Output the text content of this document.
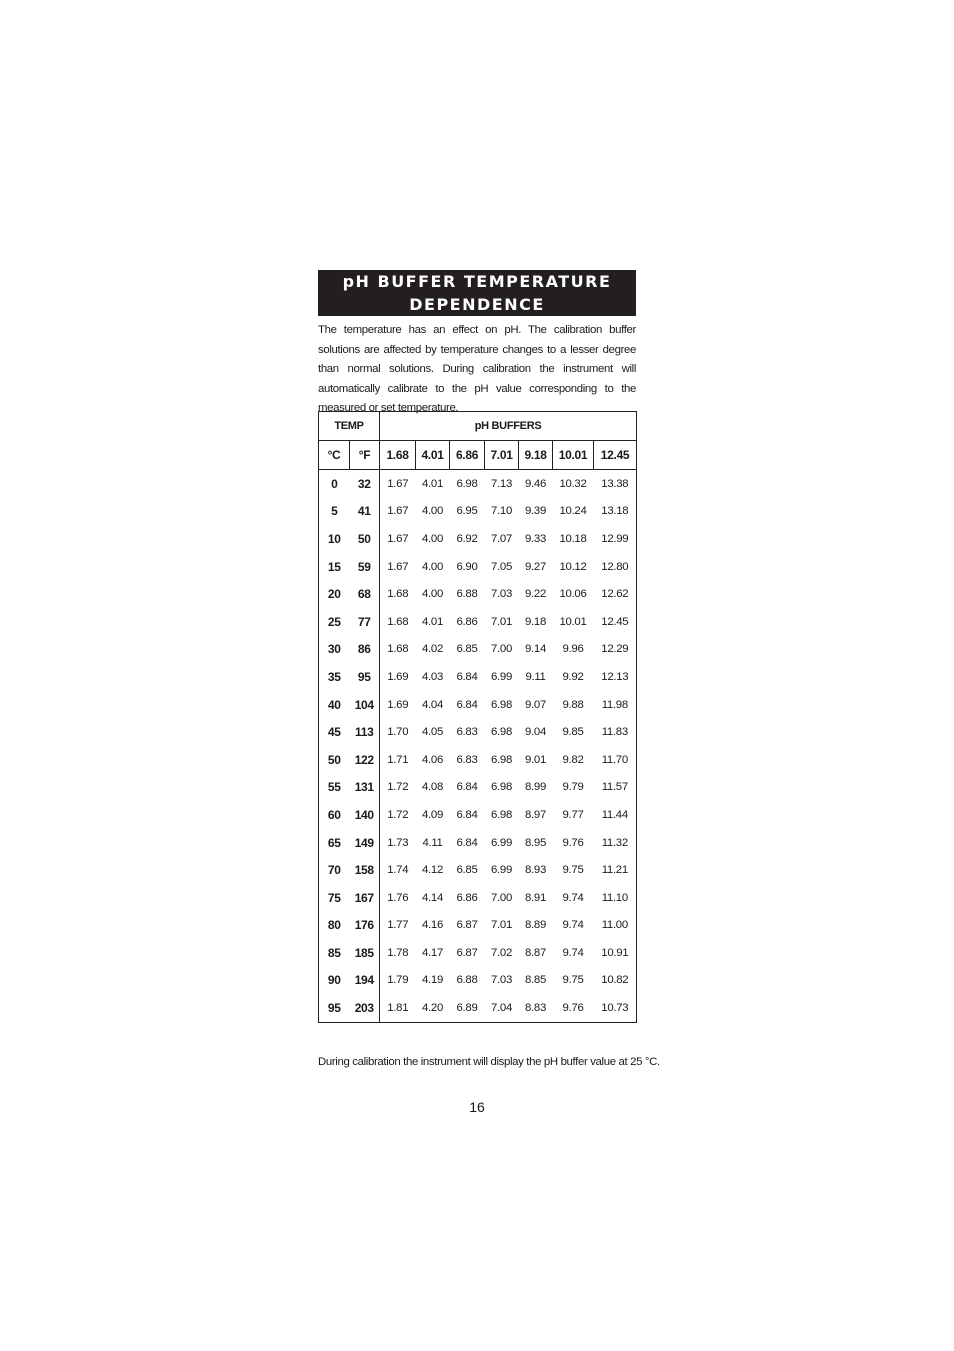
pH BUFFER TEMPERATURE
DEPENDENCE

The temperature has an effect on pH. The calibration buffer solutions are affected by temperature changes to a lesser degree than normal solutions. During calibration the instrument will automatically calibrate to the pH value corresponding to the measured or set temperature.

TEMP		pH BUFFERS						
°C	°F	1.68	4.01	6.86	7.01	9.18	10.01	12.45
0	32	1.67	4.01	6.98	7.13	9.46	10.32	13.38
5	41	1.67	4.00	6.95	7.10	9.39	10.24	13.18
10	50	1.67	4.00	6.92	7.07	9.33	10.18	12.99
15	59	1.67	4.00	6.90	7.05	9.27	10.12	12.80
20	68	1.68	4.00	6.88	7.03	9.22	10.06	12.62
25	77	1.68	4.01	6.86	7.01	9.18	10.01	12.45
30	86	1.68	4.02	6.85	7.00	9.14	9.96	12.29
35	95	1.69	4.03	6.84	6.99	9.11	9.92	12.13
40	104	1.69	4.04	6.84	6.98	9.07	9.88	11.98
45	113	1.70	4.05	6.83	6.98	9.04	9.85	11.83
50	122	1.71	4.06	6.83	6.98	9.01	9.82	11.70
55	131	1.72	4.08	6.84	6.98	8.99	9.79	11.57
60	140	1.72	4.09	6.84	6.98	8.97	9.77	11.44
65	149	1.73	4.11	6.84	6.99	8.95	9.76	11.32
70	158	1.74	4.12	6.85	6.99	8.93	9.75	11.21
75	167	1.76	4.14	6.86	7.00	8.91	9.74	11.10
80	176	1.77	4.16	6.87	7.01	8.89	9.74	11.00
85	185	1.78	4.17	6.87	7.02	8.87	9.74	10.91
90	194	1.79	4.19	6.88	7.03	8.85	9.75	10.82
95	203	1.81	4.20	6.89	7.04	8.83	9.76	10.73
During calibration the instrument will display the pH buffer value at 25 °C.
16
